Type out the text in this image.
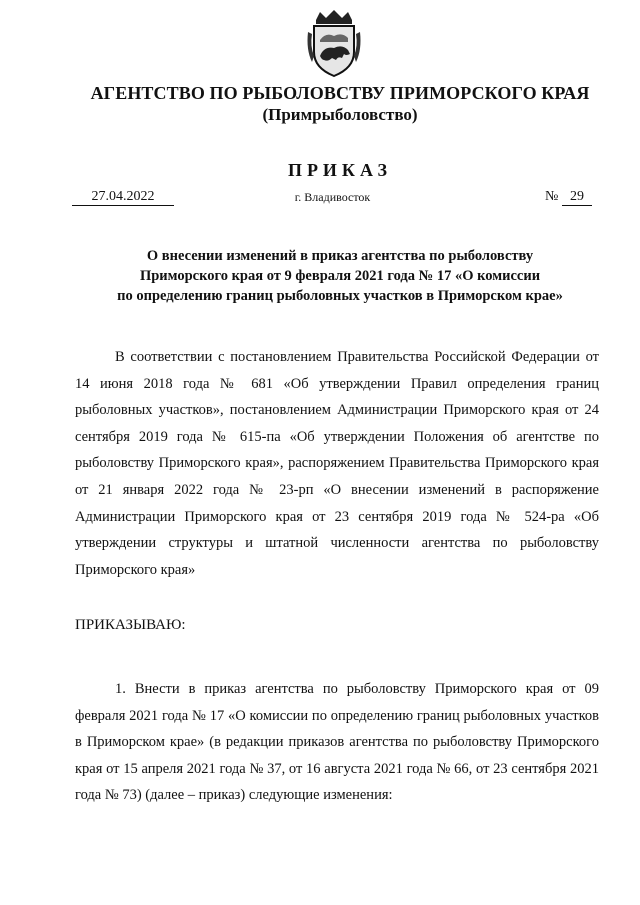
АГЕНТСТВО ПО РЫБОЛОВСТВУ ПРИМОРСКОГО КРАЯ
(Примрыболовство)
ПРИКАЗ
27.04.2022	г. Владивосток	№ 29
О внесении изменений в приказ агентства по рыболовству
Приморского края от 9 февраля 2021 года № 17 «О комиссии
по определению границ рыболовных участков в Приморском крае»
В соответствии с постановлением Правительства Российской Федерации от 14 июня 2018 года № 681 «Об утверждении Правил определения границ рыболовных участков», постановлением Администрации Приморского края от 24 сентября 2019 года № 615-па «Об утверждении Положения об агентстве по рыболовству Приморского края», распоряжением Правительства Приморского края от 21 января 2022 года № 23-рп «О внесении изменений в распоряжение Администрации Приморского края от 23 сентября 2019 года № 524-ра «Об утверждении структуры и штатной численности агентства по рыболовству Приморского края»
ПРИКАЗЫВАЮ:
1. Внести в приказ агентства по рыболовству Приморского края от 09 февраля 2021 года № 17 «О комиссии по определению границ рыболовных участков в Приморском крае» (в редакции приказов агентства по рыболовству Приморского края от 15 апреля 2021 года № 37, от 16 августа 2021 года № 66, от 23 сентября 2021 года № 73) (далее – приказ) следующие изменения:
